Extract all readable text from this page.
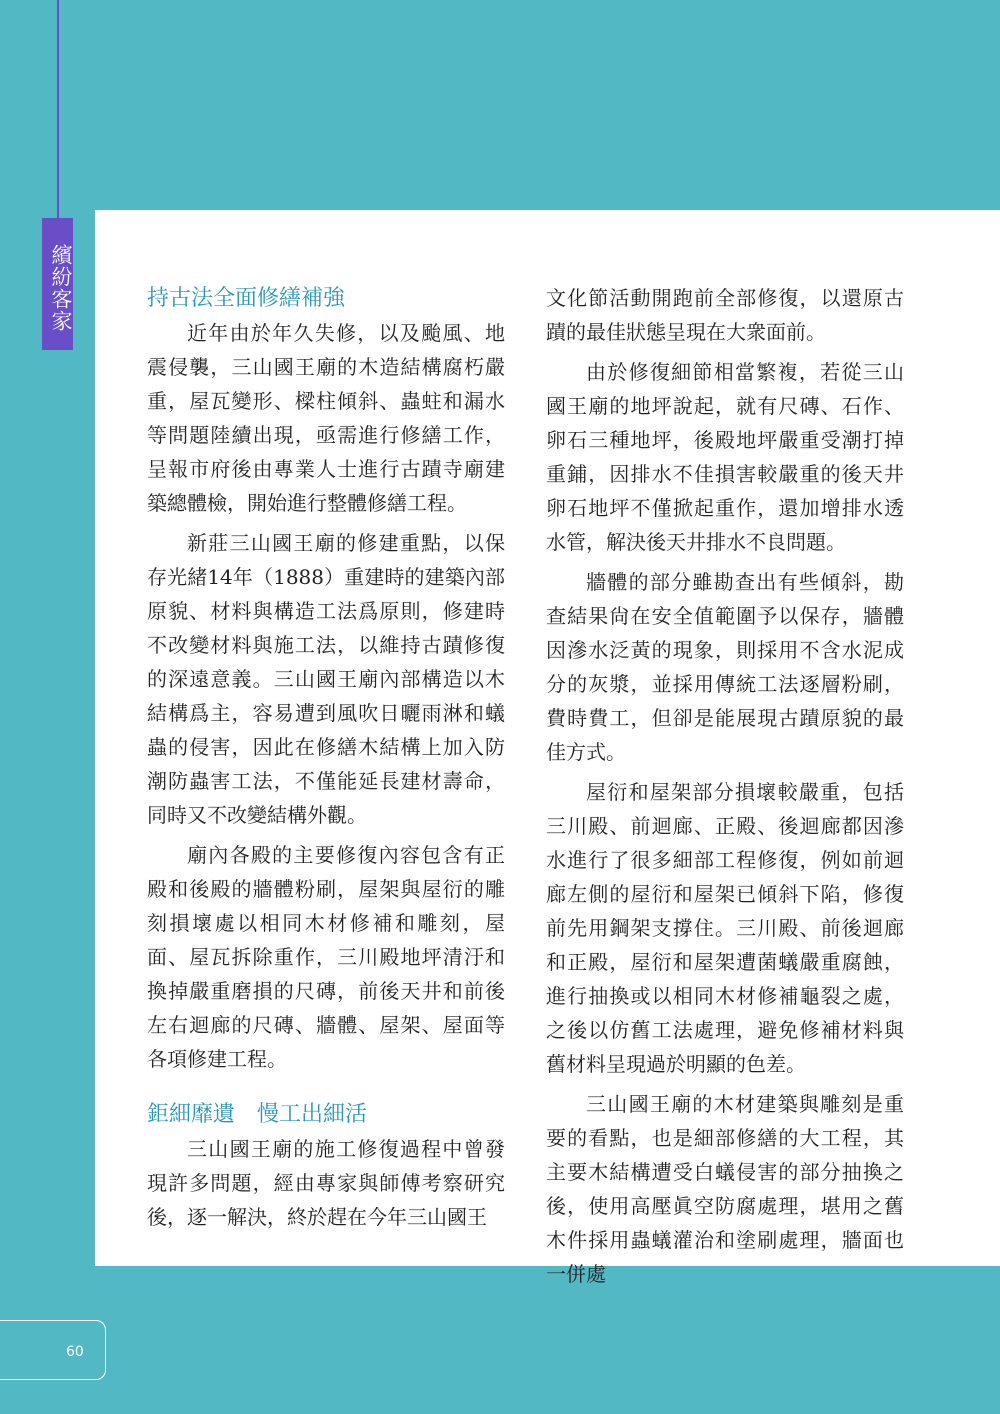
繽紛客家	持古法全面修繕補強

近年由於年久失修，以及颱風、地震侵襲，三山國王廟的木造結構腐朽嚴重，屋瓦變形、樑柱傾斜、蟲蛀和漏水等問題陸續出現，亟需進行修繕工作，呈報市府後由專業人士進行古蹟寺廟建築總體檢，開始進行整體修繕工程。

新莊三山國王廟的修建重點，以保存光緒14年（1888）重建時的建築內部原貌、材料與構造工法爲原則，修建時不改變材料與施工法，以維持古蹟修復的深遠意義。三山國王廟內部構造以木結構爲主，容易遭到風吹日曬雨淋和蟻蟲的侵害，因此在修繕木結構上加入防潮防蟲害工法，不僅能延長建材壽命，同時又不改變結構外觀。

廟內各殿的主要修復內容包含有正殿和後殿的牆體粉刷，屋架與屋衍的雕刻損壞處以相同木材修補和雕刻，屋面、屋瓦拆除重作，三川殿地坪清汙和換掉嚴重磨損的尺磚，前後天井和前後左右迴廊的尺磚、牆體、屋架、屋面等各項修建工程。

鉅細靡遺　慢工出細活

三山國王廟的施工修復過程中曾發現許多問題，經由專家與師傅考察研究後，逐一解決，終於趕在今年三山國王

文化節活動開跑前全部修復，以還原古蹟的最佳狀態呈現在大衆面前。

由於修復細節相當繁複，若從三山國王廟的地坪說起，就有尺磚、石作、卵石三種地坪，後殿地坪嚴重受潮打掉重鋪，因排水不佳損害較嚴重的後天井卵石地坪不僅掀起重作，還加增排水透水管，解決後天井排水不良問題。

牆體的部分雖勘查出有些傾斜，勘查結果尙在安全值範圍予以保存，牆體因滲水泛黃的現象，則採用不含水泥成分的灰漿，並採用傳統工法逐層粉刷，費時費工，但卻是能展現古蹟原貌的最佳方式。

屋衍和屋架部分損壞較嚴重，包括三川殿、前迴廊、正殿、後迴廊都因滲水進行了很多細部工程修復，例如前迴廊左側的屋衍和屋架已傾斜下陷，修復前先用鋼架支撐住。三川殿、前後迴廊和正殿，屋衍和屋架遭菌蟻嚴重腐蝕，進行抽換或以相同木材修補龜裂之處，之後以仿舊工法處理，避免修補材料與舊材料呈現過於明顯的色差。

三山國王廟的木材建築與雕刻是重要的看點，也是細部修繕的大工程，其主要木結構遭受白蟻侵害的部分抽換之後，使用高壓眞空防腐處理，堪用之舊木件採用蟲蟻灌治和塗刷處理，牆面也一併處

60
